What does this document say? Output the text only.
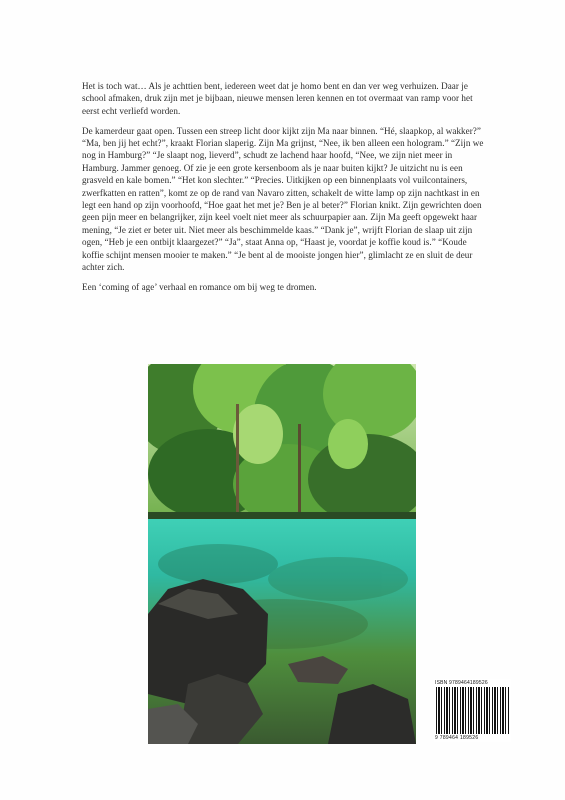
Het is toch wat… Als je achttien bent, iedereen weet dat je homo bent en dan ver weg verhuizen. Daar je school afmaken, druk zijn met je bijbaan, nieuwe mensen leren kennen en tot overmaat van ramp voor het eerst echt verliefd worden.

De kamerdeur gaat open. Tussen een streep licht door kijkt zijn Ma naar binnen. “Hé, slaapkop, al wakker?” “Ma, ben jij het echt?”, kraakt Florian slaperig. Zijn Ma grijnst, “Nee, ik ben alleen een hologram.” “Zijn we nog in Hamburg?” “Je slaapt nog, lieverd”, schudt ze lachend haar hoofd, “Nee, we zijn niet meer in Hamburg. Jammer genoeg. Of zie je een grote kersenboom als je naar buiten kijkt? Je uitzicht nu is een grasveld en kale bomen.” “Het kon slechter.” “Precies. Uitkijken op een binnenplaats vol vuilcontainers, zwerfkatten en ratten”, komt ze op de rand van Navaro zitten, schakelt de witte lamp op zijn nachtkast in en legt een hand op zijn voorhoofd, “Hoe gaat het met je? Ben je al beter?” Florian knikt. Zijn gewrichten doen geen pijn meer en belangrijker, zijn keel voelt niet meer als schuurpapier aan. Zijn Ma geeft opgewekt haar mening, “Je ziet er beter uit. Niet meer als beschimmelde kaas.” “Dank je”, wrijft Florian de slaap uit zijn ogen, “Heb je een ontbijt klaargezet?” “Ja”, staat Anna op, “Haast je, voordat je koffie koud is.” “Koude koffie schijnt mensen mooier te maken.” “Je bent al de mooiste jongen hier”, glimlacht ze en sluit de deur achter zich.

Een ‘coming of age’ verhaal en romance om bij weg te dromen.

ISBN 9789464189526
9 789464 189526
